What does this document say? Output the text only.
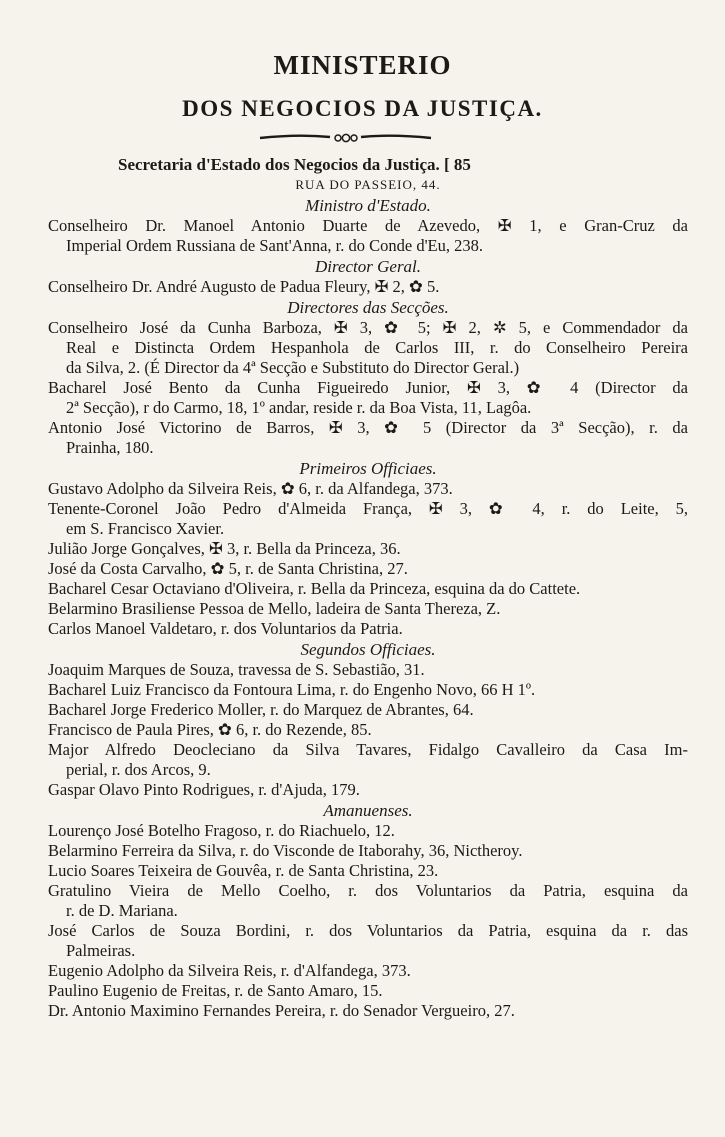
MINISTERIO
DOS NEGOCIOS DA JUSTIÇA.
Secretaria d'Estado dos Negocios da Justiça. [ 85
RUA DO PASSEIO, 44.
Ministro d'Estado.
Conselheiro Dr. Manoel Antonio Duarte de Azevedo, ✠ 1, e Gran-Cruz da
Imperial Ordem Russiana de Sant'Anna, r. do Conde d'Eu, 238.
Director Geral.
Conselheiro Dr. André Augusto de Padua Fleury, ✠ 2, ✿ 5.
Directores das Secções.
Conselheiro José da Cunha Barboza, ✠ 3, ✿ 5; ✠ 2, ✲ 5, e Commendador da
Real e Distincta Ordem Hespanhola de Carlos III, r. do Conselheiro Pereira
da Silva, 2. (É Director da 4ª Secção e Substituto do Director Geral.)
Bacharel José Bento da Cunha Figueiredo Junior, ✠ 3, ✿ 4 (Director da
2ª Secção), r do Carmo, 18, 1º andar, reside r. da Boa Vista, 11, Lagôa.
Antonio José Victorino de Barros, ✠ 3, ✿ 5 (Director da 3ª Secção), r. da
Prainha, 180.
Primeiros Officiaes.
Gustavo Adolpho da Silveira Reis, ✿ 6, r. da Alfandega, 373.
Tenente-Coronel João Pedro d'Almeida França, ✠ 3, ✿ 4, r. do Leite, 5,
em S. Francisco Xavier.
Julião Jorge Gonçalves, ✠ 3, r. Bella da Princeza, 36.
José da Costa Carvalho, ✿ 5, r. de Santa Christina, 27.
Bacharel Cesar Octaviano d'Oliveira, r. Bella da Princeza, esquina da do Cattete.
Belarmino Brasiliense Pessoa de Mello, ladeira de Santa Thereza, Z.
Carlos Manoel Valdetaro, r. dos Voluntarios da Patria.
Segundos Officiaes.
Joaquim Marques de Souza, travessa de S. Sebastião, 31.
Bacharel Luiz Francisco da Fontoura Lima, r. do Engenho Novo, 66 H 1º.
Bacharel Jorge Frederico Moller, r. do Marquez de Abrantes, 64.
Francisco de Paula Pires, ✿ 6, r. do Rezende, 85.
Major Alfredo Deocleciano da Silva Tavares, Fidalgo Cavalleiro da Casa Im-
perial, r. dos Arcos, 9.
Gaspar Olavo Pinto Rodrigues, r. d'Ajuda, 179.
Amanuenses.
Lourenço José Botelho Fragoso, r. do Riachuelo, 12.
Belarmino Ferreira da Silva, r. do Visconde de Itaborahy, 36, Nictheroy.
Lucio Soares Teixeira de Gouvêa, r. de Santa Christina, 23.
Gratulino Vieira de Mello Coelho, r. dos Voluntarios da Patria, esquina da
r. de D. Mariana.
José Carlos de Souza Bordini, r. dos Voluntarios da Patria, esquina da r. das
Palmeiras.
Eugenio Adolpho da Silveira Reis, r. d'Alfandega, 373.
Paulino Eugenio de Freitas, r. de Santo Amaro, 15.
Dr. Antonio Maximino Fernandes Pereira, r. do Senador Vergueiro, 27.
